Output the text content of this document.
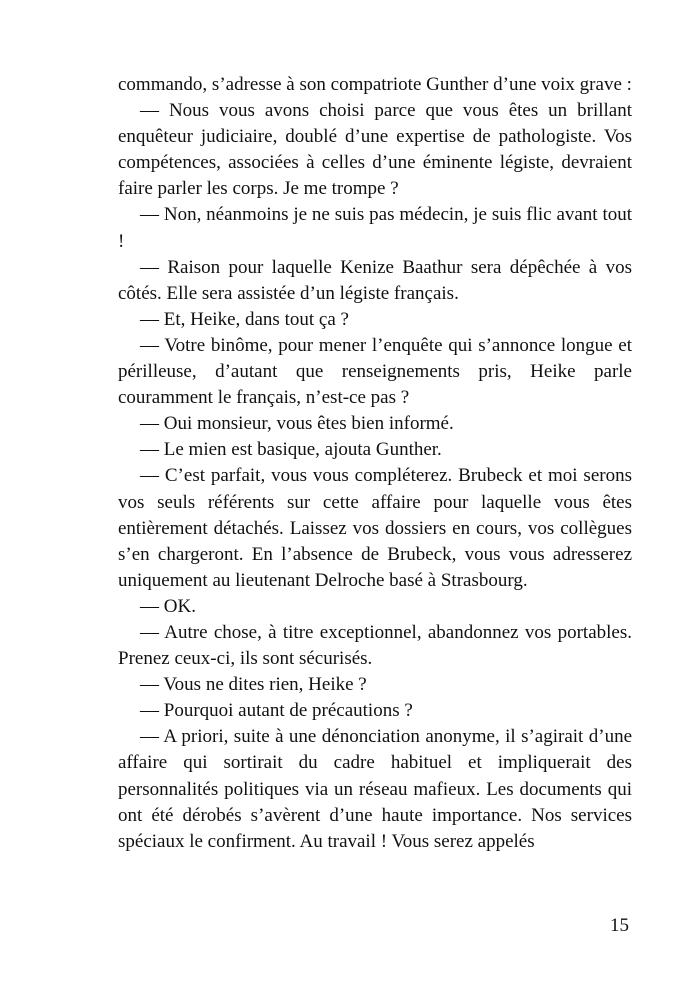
commando, s’adresse à son compatriote Gunther d’une voix grave :

— Nous vous avons choisi parce que vous êtes un brillant enquêteur judiciaire, doublé d’une expertise de pathologiste. Vos compétences, associées à celles d’une éminente légiste, devraient faire parler les corps. Je me trompe ?

— Non, néanmoins je ne suis pas médecin, je suis flic avant tout !

— Raison pour laquelle Kenize Baathur sera dépêchée à vos côtés. Elle sera assistée d’un légiste français.

— Et, Heike, dans tout ça ?

— Votre binôme, pour mener l’enquête qui s’annonce longue et périlleuse, d’autant que renseignements pris, Heike parle couramment le français, n’est-ce pas ?

— Oui monsieur, vous êtes bien informé.

— Le mien est basique, ajouta Gunther.

— C’est parfait, vous vous compléterez. Brubeck et moi serons vos seuls référents sur cette affaire pour laquelle vous êtes entièrement détachés. Laissez vos dossiers en cours, vos collègues s’en chargeront. En l’absence de Brubeck, vous vous adresserez uniquement au lieutenant Delroche basé à Strasbourg.

— OK.

— Autre chose, à titre exceptionnel, abandonnez vos portables. Prenez ceux-ci, ils sont sécurisés.

— Vous ne dites rien, Heike ?

— Pourquoi autant de précautions ?

— A priori, suite à une dénonciation anonyme, il s’agirait d’une affaire qui sortirait du cadre habituel et impliquerait des personnalités politiques via un réseau mafieux. Les documents qui ont été dérobés s’avèrent d’une haute importance. Nos services spéciaux le confirment. Au travail ! Vous serez appelés

15
